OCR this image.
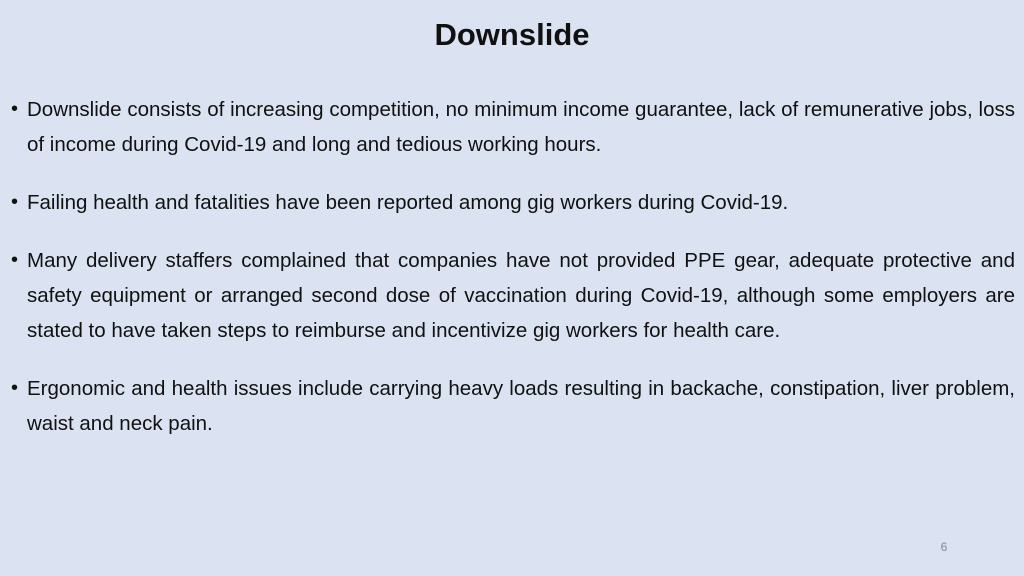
Downslide
• Downslide consists of increasing competition, no minimum income guarantee, lack of remunerative jobs, loss of income during Covid-19 and long and tedious working hours.
• Failing health and fatalities have been reported among gig workers during Covid-19.
• Many delivery staffers complained that companies have not provided PPE gear, adequate protective and safety equipment or arranged second dose of vaccination during Covid-19, although some employers are stated to have taken steps to reimburse and incentivize gig workers for health care.
• Ergonomic and health issues include carrying heavy loads resulting in backache, constipation, liver problem, waist and neck pain.
6
